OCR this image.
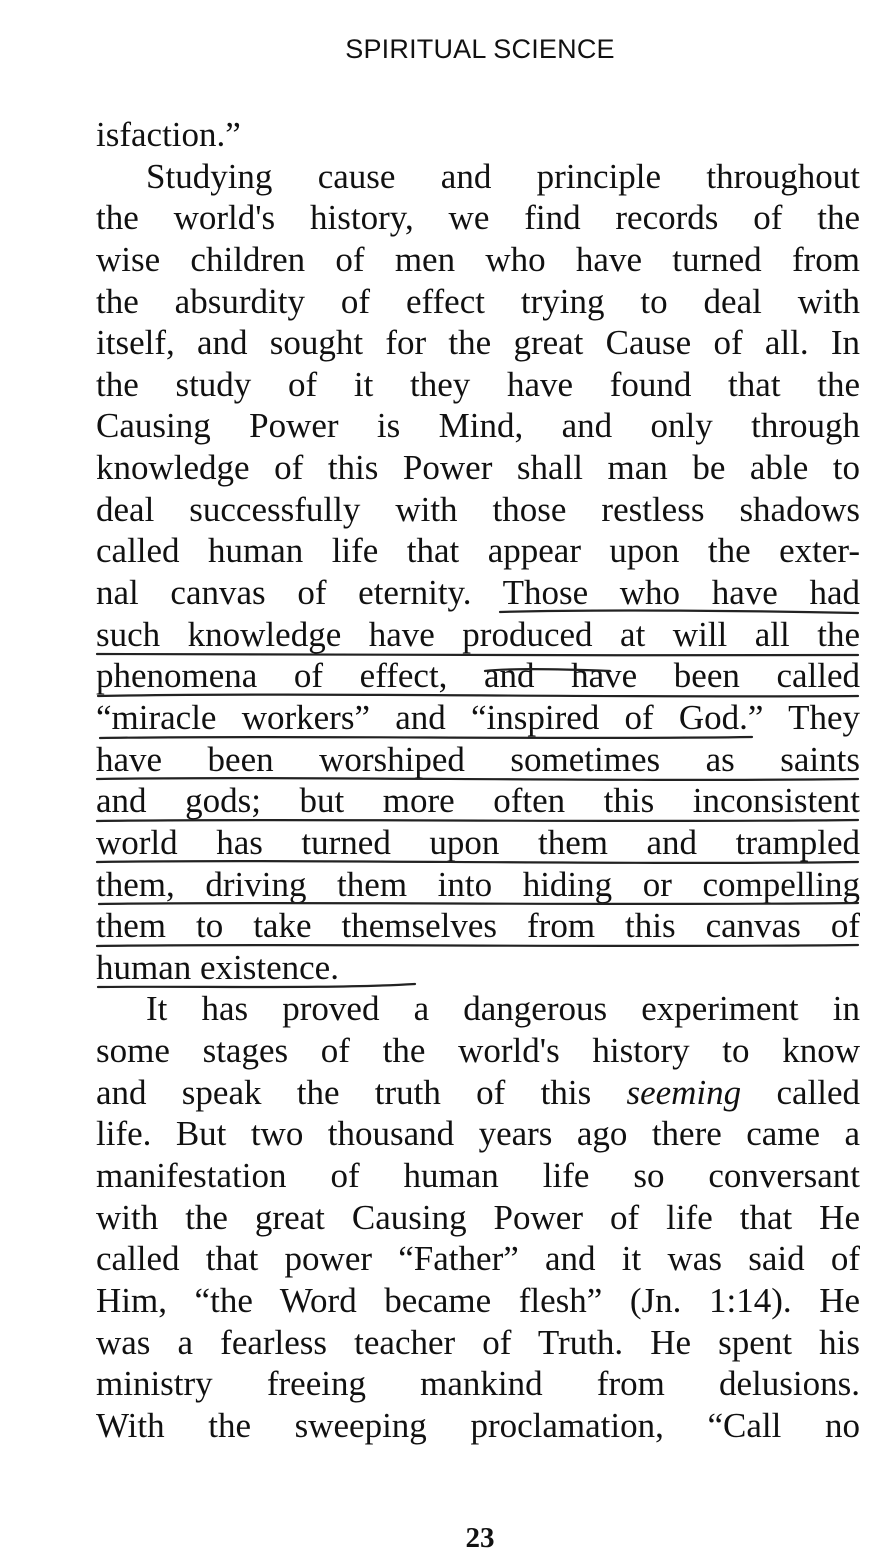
SPIRITUAL SCIENCE
isfaction.”
Studying cause and principle throughout
the world's history, we find records of the
wise children of men who have turned from
the absurdity of effect trying to deal with
itself, and sought for the great Cause of all. In
the study of it they have found that the
Causing Power is Mind, and only through
knowledge of this Power shall man be able to
deal successfully with those restless shadows
called human life that appear upon the exter-
nal canvas of eternity. Those who have had
such knowledge have produced at will all the
phenomena of effect, and have been called
“miracle workers” and “inspired of God.” They
have been worshiped sometimes as saints
and gods; but more often this inconsistent
world has turned upon them and trampled
them, driving them into hiding or compelling
them to take themselves from this canvas of
human existence.
It has proved a dangerous experiment in
some stages of the world's history to know
and speak the truth of this seeming called
life. But two thousand years ago there came a
manifestation of human life so conversant
with the great Causing Power of life that He
called that power “Father” and it was said of
Him, “the Word became flesh” (Jn. 1:14). He
was a fearless teacher of Truth. He spent his
ministry freeing mankind from delusions.
With the sweeping proclamation, “Call no
23
